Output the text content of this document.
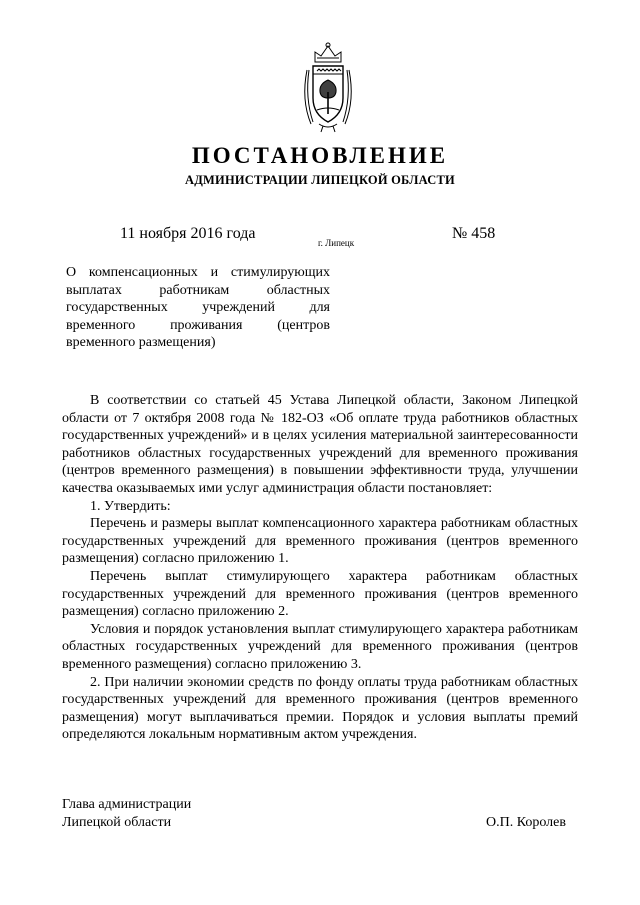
ПОСТАНОВЛЕНИЕ
АДМИНИСТРАЦИИ ЛИПЕЦКОЙ ОБЛАСТИ
11 ноября 2016 года
г. Липецк
№ 458
О компенсационных и стимулирующих выплатах работникам областных государственных учреждений для временного проживания (центров временного размещения)

В соответствии со статьей 45 Устава Липецкой области, Законом Липецкой области от 7 октября 2008 года № 182-ОЗ «Об оплате труда работников областных государственных учреждений» и в целях усиления материальной заинтересованности работников областных государственных учреждений для временного проживания (центров временного размещения) в повышении эффективности труда, улучшении качества оказываемых ими услуг администрация области постановляет:

1. Утвердить:

Перечень и размеры выплат компенсационного характера работникам областных государственных учреждений для временного проживания (центров временного размещения) согласно приложению 1.

Перечень выплат стимулирующего характера работникам областных государственных учреждений для временного проживания (центров временного размещения) согласно приложению 2.

Условия и порядок установления выплат стимулирующего характера работникам областных государственных учреждений для временного проживания (центров временного размещения) согласно приложению 3.

2. При наличии экономии средств по фонду оплаты труда работникам областных государственных учреждений для временного проживания (центров временного размещения) могут выплачиваться премии. Порядок и условия выплаты премий определяются локальным нормативным актом учреждения.

Глава администрации
Липецкой области	О.П. Королев
